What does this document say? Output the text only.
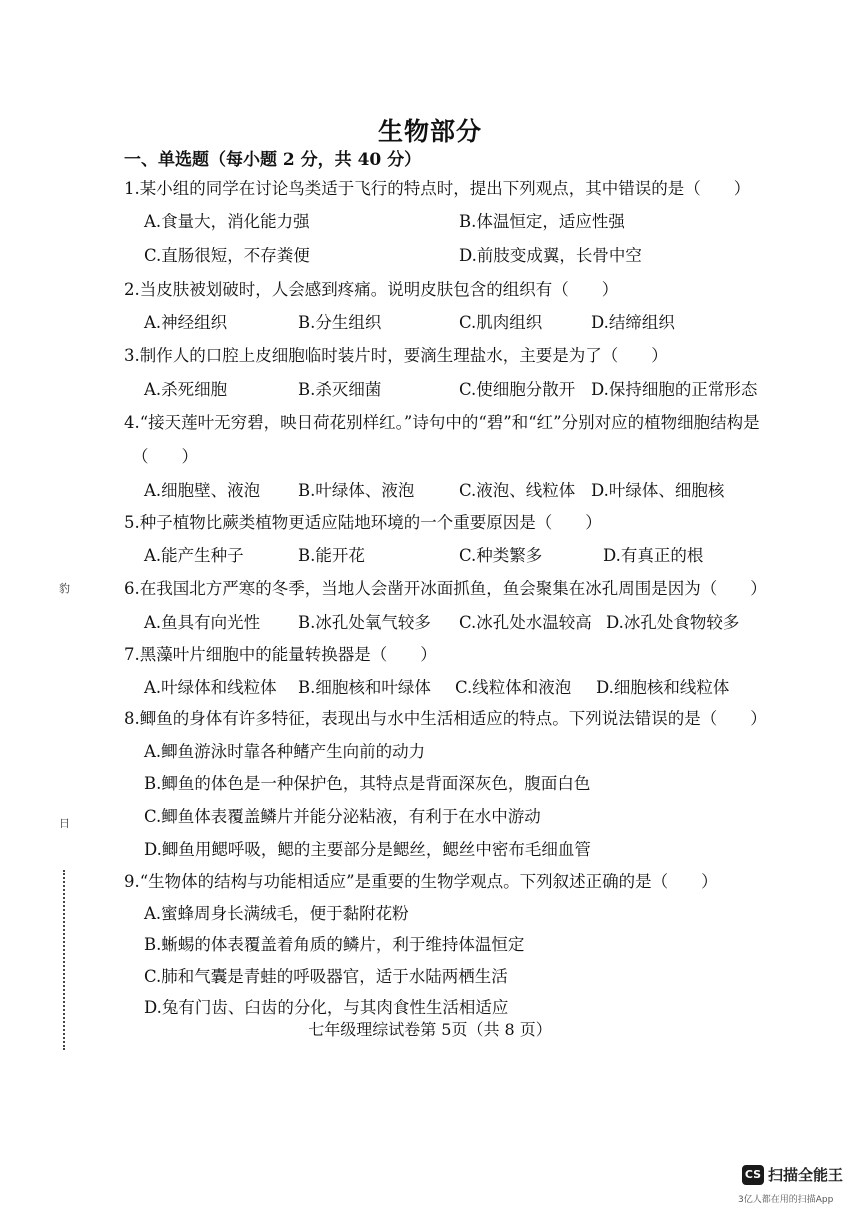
生物部分
一、单选题（每小题 2 分，共 40 分）
1.某小组的同学在讨论鸟类适于飞行的特点时，提出下列观点，其中错误的是（　　）
A.食量大，消化能力强	B.体温恒定，适应性强
C.直肠很短，不存粪便	D.前肢变成翼，长骨中空
2.当皮肤被划破时，人会感到疼痛。说明皮肤包含的组织有（　　）
A.神经组织	B.分生组织	C.肌肉组织	D.结缔组织
3.制作人的口腔上皮细胞临时装片时，要滴生理盐水，主要是为了（　　）
A.杀死细胞	B.杀灭细菌	C.使细胞分散开 D.保持细胞的正常形态
4.“接天莲叶无穷碧，映日荷花别样红。”诗句中的“碧”和“红”分别对应的植物细胞结构是
（　　）
A.细胞壁、液泡 B.叶绿体、液泡	C.液泡、线粒体 D.叶绿体、细胞核
5.种子植物比蕨类植物更适应陆地环境的一个重要原因是（　　）
A.能产生种子	B.能开花	C.种类繁多	D.有真正的根
6.在我国北方严寒的冬季，当地人会凿开冰面抓鱼，鱼会聚集在冰孔周围是因为（　　）
A.鱼具有向光性 B.冰孔处氧气较多 C.冰孔处水温较高 D.冰孔处食物较多
7.黑藻叶片细胞中的能量转换器是（　　）
A.叶绿体和线粒体 B.细胞核和叶绿体 C.线粒体和液泡 D.细胞核和线粒体
8.鲫鱼的身体有许多特征，表现出与水中生活相适应的特点。下列说法错误的是（　　）
A.鲫鱼游泳时靠各种鳍产生向前的动力
B.鲫鱼的体色是一种保护色，其特点是背面深灰色，腹面白色
C.鲫鱼体表覆盖鳞片并能分泌粘液，有利于在水中游动
D.鲫鱼用鳃呼吸，鳃的主要部分是鳃丝，鳃丝中密布毛细血管
9.“生物体的结构与功能相适应”是重要的生物学观点。下列叙述正确的是（　　）
A.蜜蜂周身长满绒毛，便于黏附花粉
B.蜥蜴的体表覆盖着角质的鳞片，利于维持体温恒定
C.肺和气囊是青蛙的呼吸器官，适于水陆两栖生活
D.兔有门齿、臼齿的分化，与其肉食性生活相适应
七年级理综试卷第 5页（共 8 页）
豹
日
CS 扫描全能王
3亿人都在用的扫描App
